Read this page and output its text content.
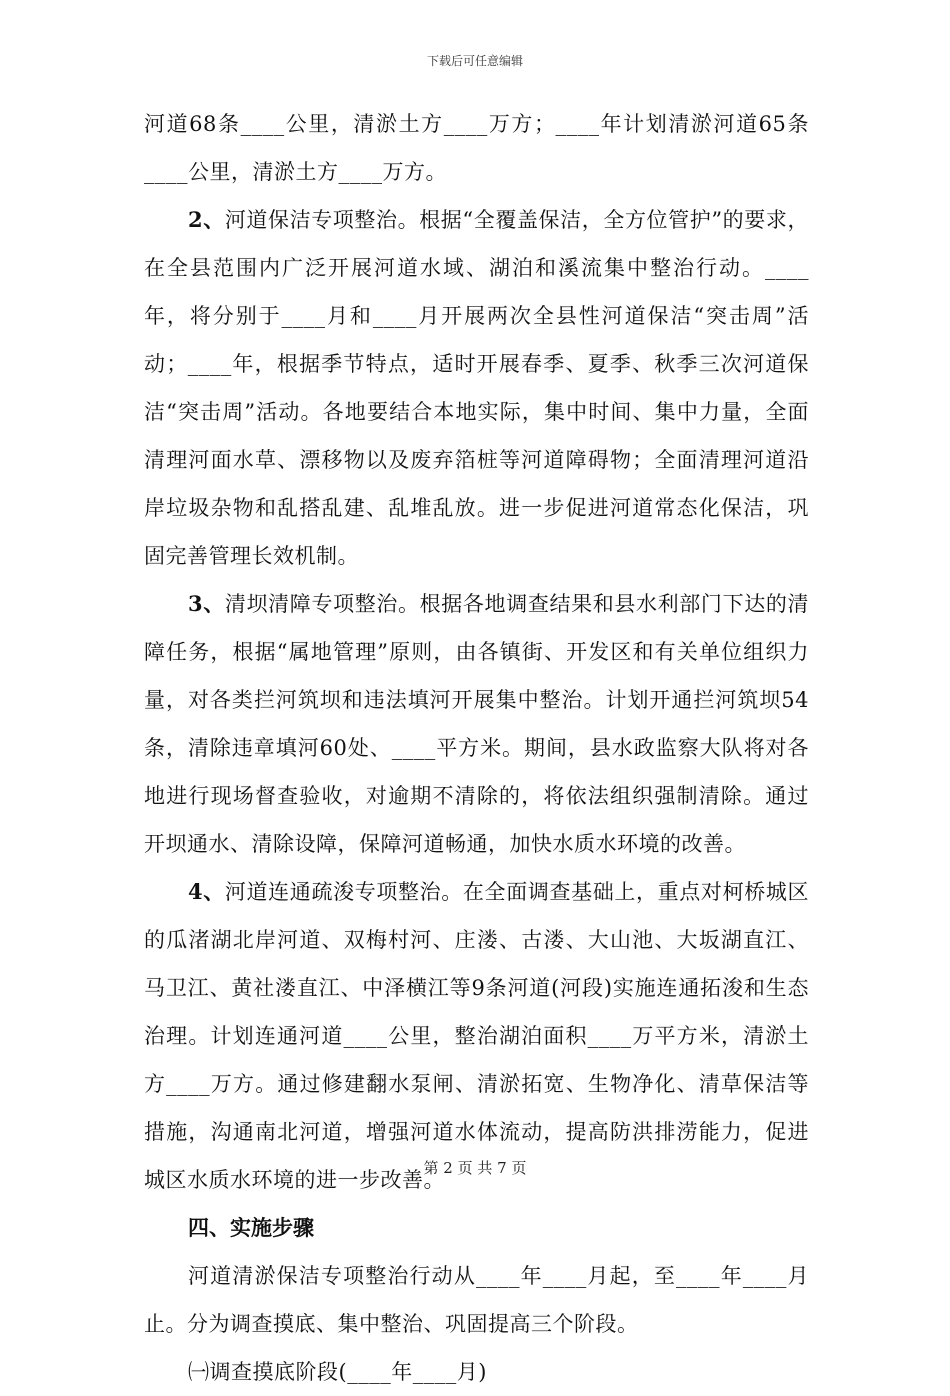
下载后可任意编辑

河道68条____公里，清淤土方____万方；____年计划清淤河道65条____公里，清淤土方____万方。

2、河道保洁专项整治。根据“全覆盖保洁，全方位管护”的要求，在全县范围内广泛开展河道水域、湖泊和溪流集中整治行动。____年，将分别于____月和____月开展两次全县性河道保洁“突击周”活动；____年，根据季节特点，适时开展春季、夏季、秋季三次河道保洁“突击周”活动。各地要结合本地实际，集中时间、集中力量，全面清理河面水草、漂移物以及废弃箔桩等河道障碍物；全面清理河道沿岸垃圾杂物和乱搭乱建、乱堆乱放。进一步促进河道常态化保洁，巩固完善管理长效机制。

3、清坝清障专项整治。根据各地调查结果和县水利部门下达的清障任务，根据“属地管理”原则，由各镇街、开发区和有关单位组织力量，对各类拦河筑坝和违法填河开展集中整治。计划开通拦河筑坝54条，清除违章填河60处、____平方米。期间，县水政监察大队将对各地进行现场督查验收，对逾期不清除的，将依法组织强制清除。通过开坝通水、清除设障，保障河道畅通，加快水质水环境的改善。

4、河道连通疏浚专项整治。在全面调查基础上，重点对柯桥城区的瓜渚湖北岸河道、双梅村河、庄溇、古溇、大山池、大坂湖直江、马卫江、黄社溇直江、中泽横江等9条河道(河段)实施连通拓浚和生态治理。计划连通河道____公里，整治湖泊面积____万平方米，清淤土方____万方。通过修建翻水泵闸、清淤拓宽、生物净化、清草保洁等措施，沟通南北河道，增强河道水体流动，提高防洪排涝能力，促进城区水质水环境的进一步改善。

四、实施步骤

河道清淤保洁专项整治行动从____年____月起，至____年____月止。分为调查摸底、集中整治、巩固提高三个阶段。

㈠调查摸底阶段(____年____月)

第 2 页 共 7 页
